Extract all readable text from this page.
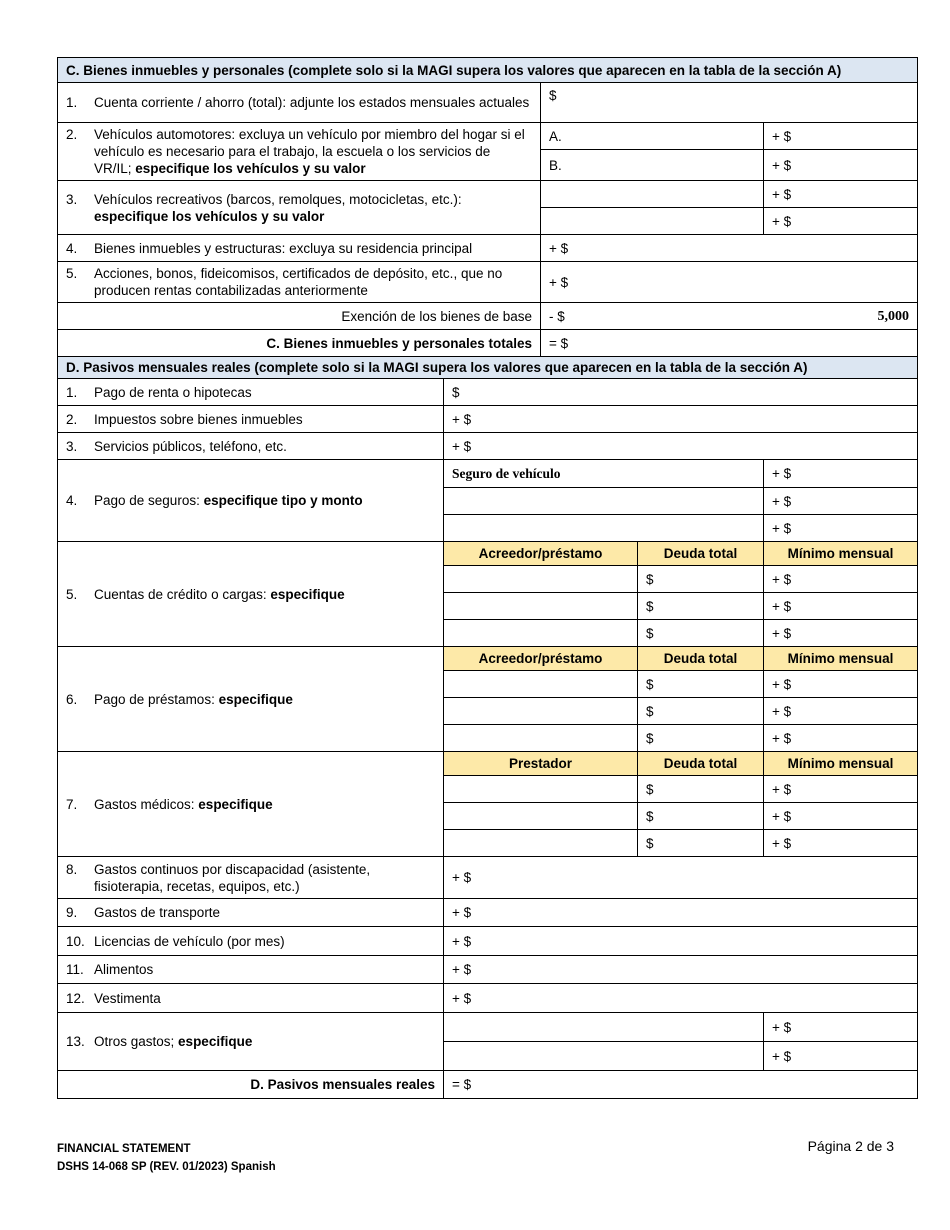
C. Bienes inmuebles y personales (complete solo si la MAGI supera los valores que aparecen en la tabla de la sección A)				
1. Cuenta corriente / ahorro (total): adjunte los estados mensuales actuales		$		
2. Vehículos automotores: excluya un vehículo por miembro del hogar si el vehículo es necesario para el trabajo, la escuela o los servicios de VR/IL; especifique los vehículos y su valor		A.		+ $
		B.		+ $
3. Vehículos recreativos (barcos, remolques, motocicletas, etc.): especifique los vehículos y su valor				+ $
				+ $
4. Bienes inmuebles y estructuras: excluya su residencia principal		+ $		
5. Acciones, bonos, fideicomisos, certificados de depósito, etc., que no producen rentas contabilizadas anteriormente		+ $		
Exención de los bienes de base		- $ 5,000		

C. Bienes inmuebles y personales totales		= $		
D. Pasivos mensuales reales (complete solo si la MAGI supera los valores que aparecen en la tabla de la sección A)				
1. Pago de renta o hipotecas	$			
2. Impuestos sobre bienes inmuebles	+ $			
3. Servicios públicos, teléfono, etc.	+ $			
4. Pago de seguros: especifique tipo y monto	Seguro de vehículo			+ $
				+ $
				+ $
5. Cuentas de crédito o cargas: especifique	Acreedor/préstamo		Deuda total	Mínimo mensual
			$	+ $
			$	+ $
			$	+ $
6. Pago de préstamos: especifique	Acreedor/préstamo		Deuda total	Mínimo mensual
			$	+ $
			$	+ $
			$	+ $
7. Gastos médicos: especifique	Prestador		Deuda total	Mínimo mensual
			$	+ $
			$	+ $
			$	+ $
8. Gastos continuos por discapacidad (asistente, fisioterapia, recetas, equipos, etc.)	+ $			
9. Gastos de transporte	+ $			
10. Licencias de vehículo (por mes)	+ $			
11. Alimentos	+ $			
12. Vestimenta	+ $			
13. Otros gastos; especifique				+ $
				+ $
D. Pasivos mensuales reales	= $			
FINANCIAL STATEMENT
DSHS 14-068 SP (REV. 01/2023) Spanish
Página 2 de 3
